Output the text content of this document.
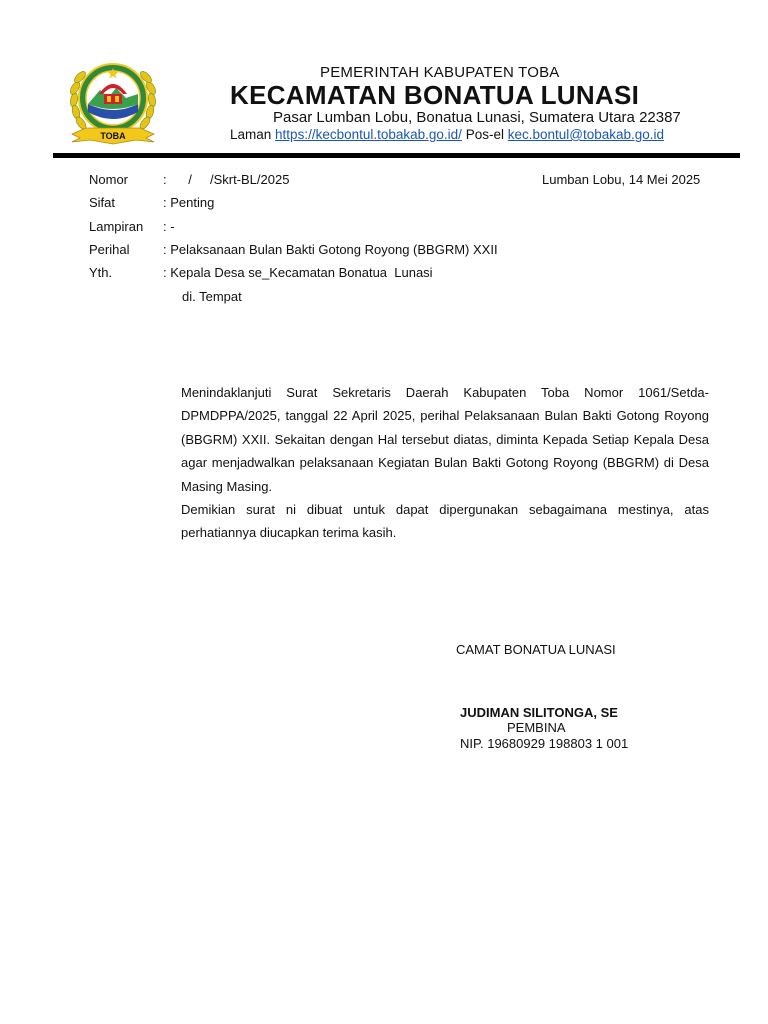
TOBA
PEMERINTAH KABUPATEN TOBA
KECAMATAN BONATUA LUNASI
Pasar Lumban Lobu, Bonatua Lunasi, Sumatera Utara 22387
Laman https://kecbontul.tobakab.go.id/ Pos-el kec.bontul@tobakab.go.id
Nomor	:      /     /Skrt-BL/2025	Lumban Lobu, 14 Mei 2025
Sifat	: Penting
Lampiran : -
Perihal	: Pelaksanaan Bulan Bakti Gotong Royong (BBGRM) XXII
Yth.	: Kepala Desa se_Kecamatan Bonatua  Lunasi
di. Tempat

Menindaklanjuti Surat Sekretaris Daerah Kabupaten Toba Nomor 1061/Setda-DPMDPPA/2025, tanggal 22 April 2025, perihal Pelaksanaan Bulan Bakti Gotong Royong (BBGRM) XXII. Sekaitan dengan Hal tersebut diatas, diminta Kepada Setiap Kepala Desa agar menjadwalkan pelaksanaan Kegiatan Bulan Bakti Gotong Royong (BBGRM) di Desa Masing Masing.

Demikian surat ni dibuat untuk dapat dipergunakan sebagaimana mestinya, atas perhatiannya diucapkan terima kasih.

CAMAT BONATUA LUNASI
JUDIMAN SILITONGA, SE
PEMBINA
NIP. 19680929 198803 1 001
